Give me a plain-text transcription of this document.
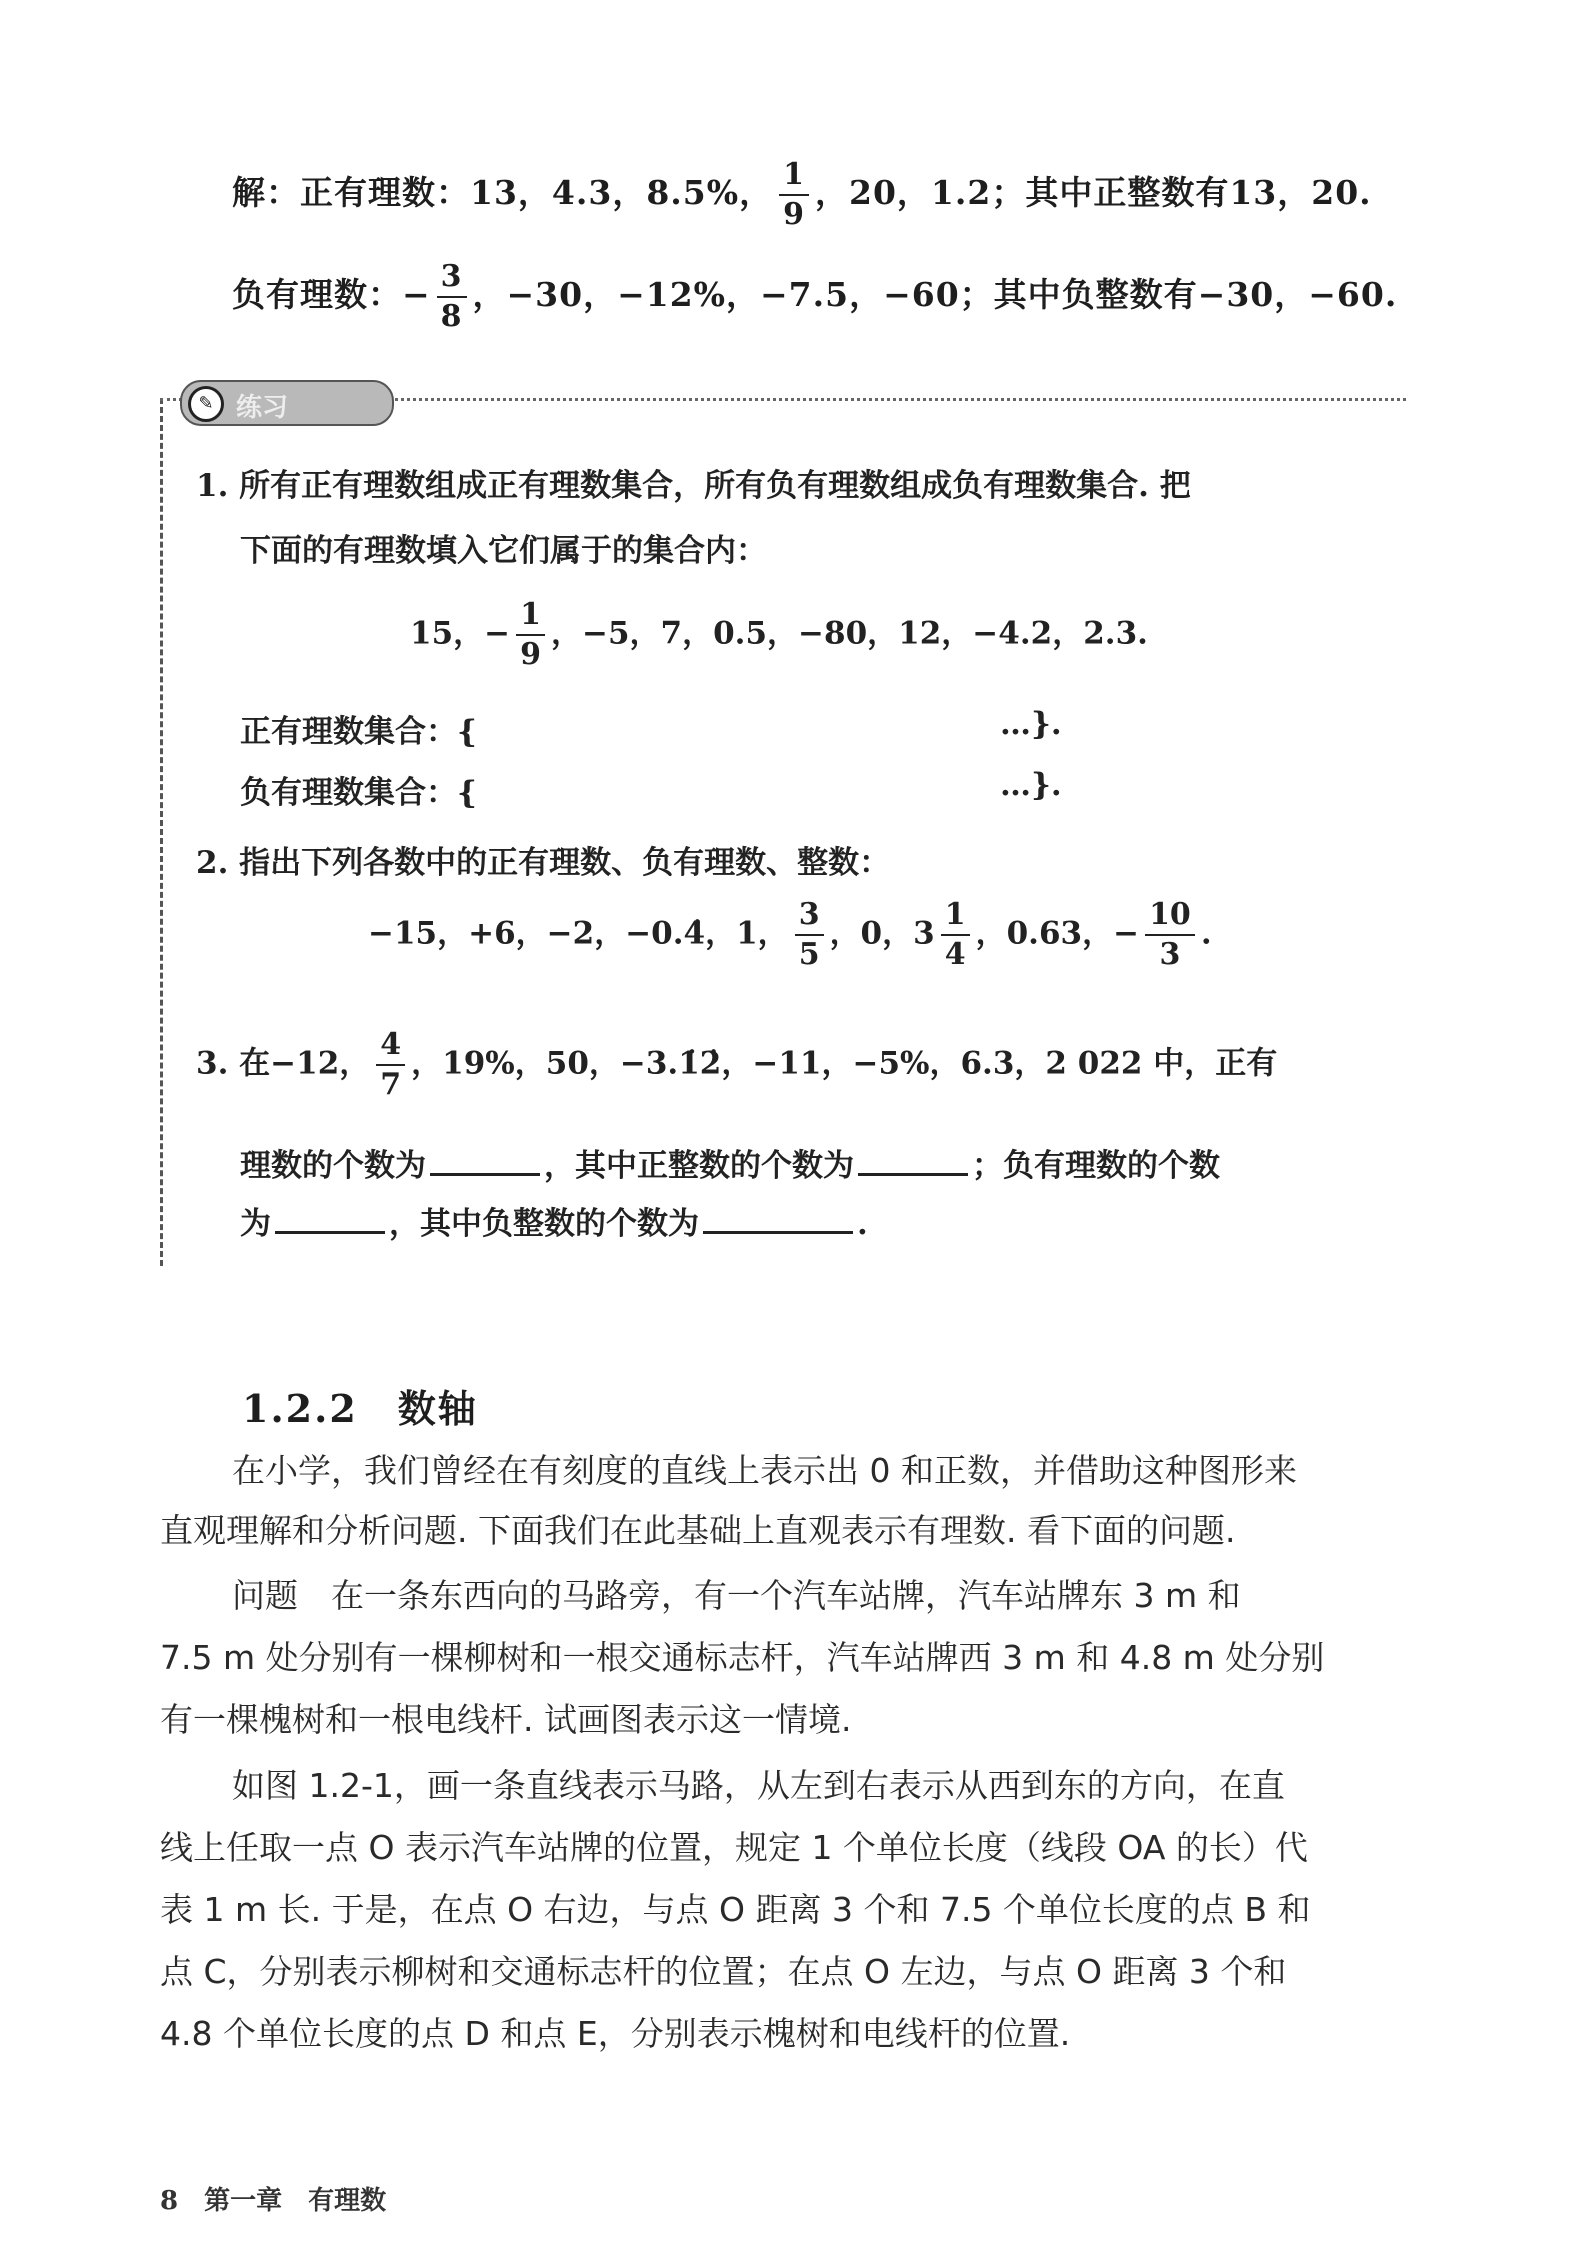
解：正有理数：13，4.3，8.5%， $\frac{1}{9}$ ，20，1.2；其中正整数有13，20.
负有理数：− $\frac{3}{8}$ ，−30，−12%，−7.5，−60；其中负整数有−30，−60.
✎ 练习
1. 所有正有理数组成正有理数集合，所有负有理数组成负有理数集合. 把
下面的有理数填入它们属于的集合内：
15，− $\frac{1}{9}$ ，−5，7，0.5，−80，12，−4.2，2.3.
正有理数集合：{	…}.
负有理数集合：{	…}.
2. 指出下列各数中的正有理数、负有理数、整数：
−15，+6，−2，−0.4̇，1， $\frac{3}{5}$ ，0，$3 \frac{1}{4}$ ，0.63，− $\frac{10}{3}$ .
3. 在−12， $\frac{4}{7}$ ，19%，50，−3.1̇2̇，−11，−5%，6.3，2 022 中，正有
理数的个数为	，其中正整数的个数为	；负有理数的个数
为	，其中负整数的个数为	.
1.2.2　数轴
在小学，我们曾经在有刻度的直线上表示出 0 和正数，并借助这种图形来
直观理解和分析问题. 下面我们在此基础上直观表示有理数. 看下面的问题.
问题　在一条东西向的马路旁，有一个汽车站牌，汽车站牌东 3 m 和
7.5 m 处分别有一棵柳树和一根交通标志杆，汽车站牌西 3 m 和 4.8 m 处分别
有一棵槐树和一根电线杆. 试画图表示这一情境.
如图 1.2-1，画一条直线表示马路，从左到右表示从西到东的方向，在直
线上任取一点 O 表示汽车站牌的位置，规定 1 个单位长度（线段 OA 的长）代
表 1 m 长. 于是，在点 O 右边，与点 O 距离 3 个和 7.5 个单位长度的点 B 和
点 C，分别表示柳树和交通标志杆的位置；在点 O 左边，与点 O 距离 3 个和
4.8 个单位长度的点 D 和点 E，分别表示槐树和电线杆的位置.
8　第一章　有理数
